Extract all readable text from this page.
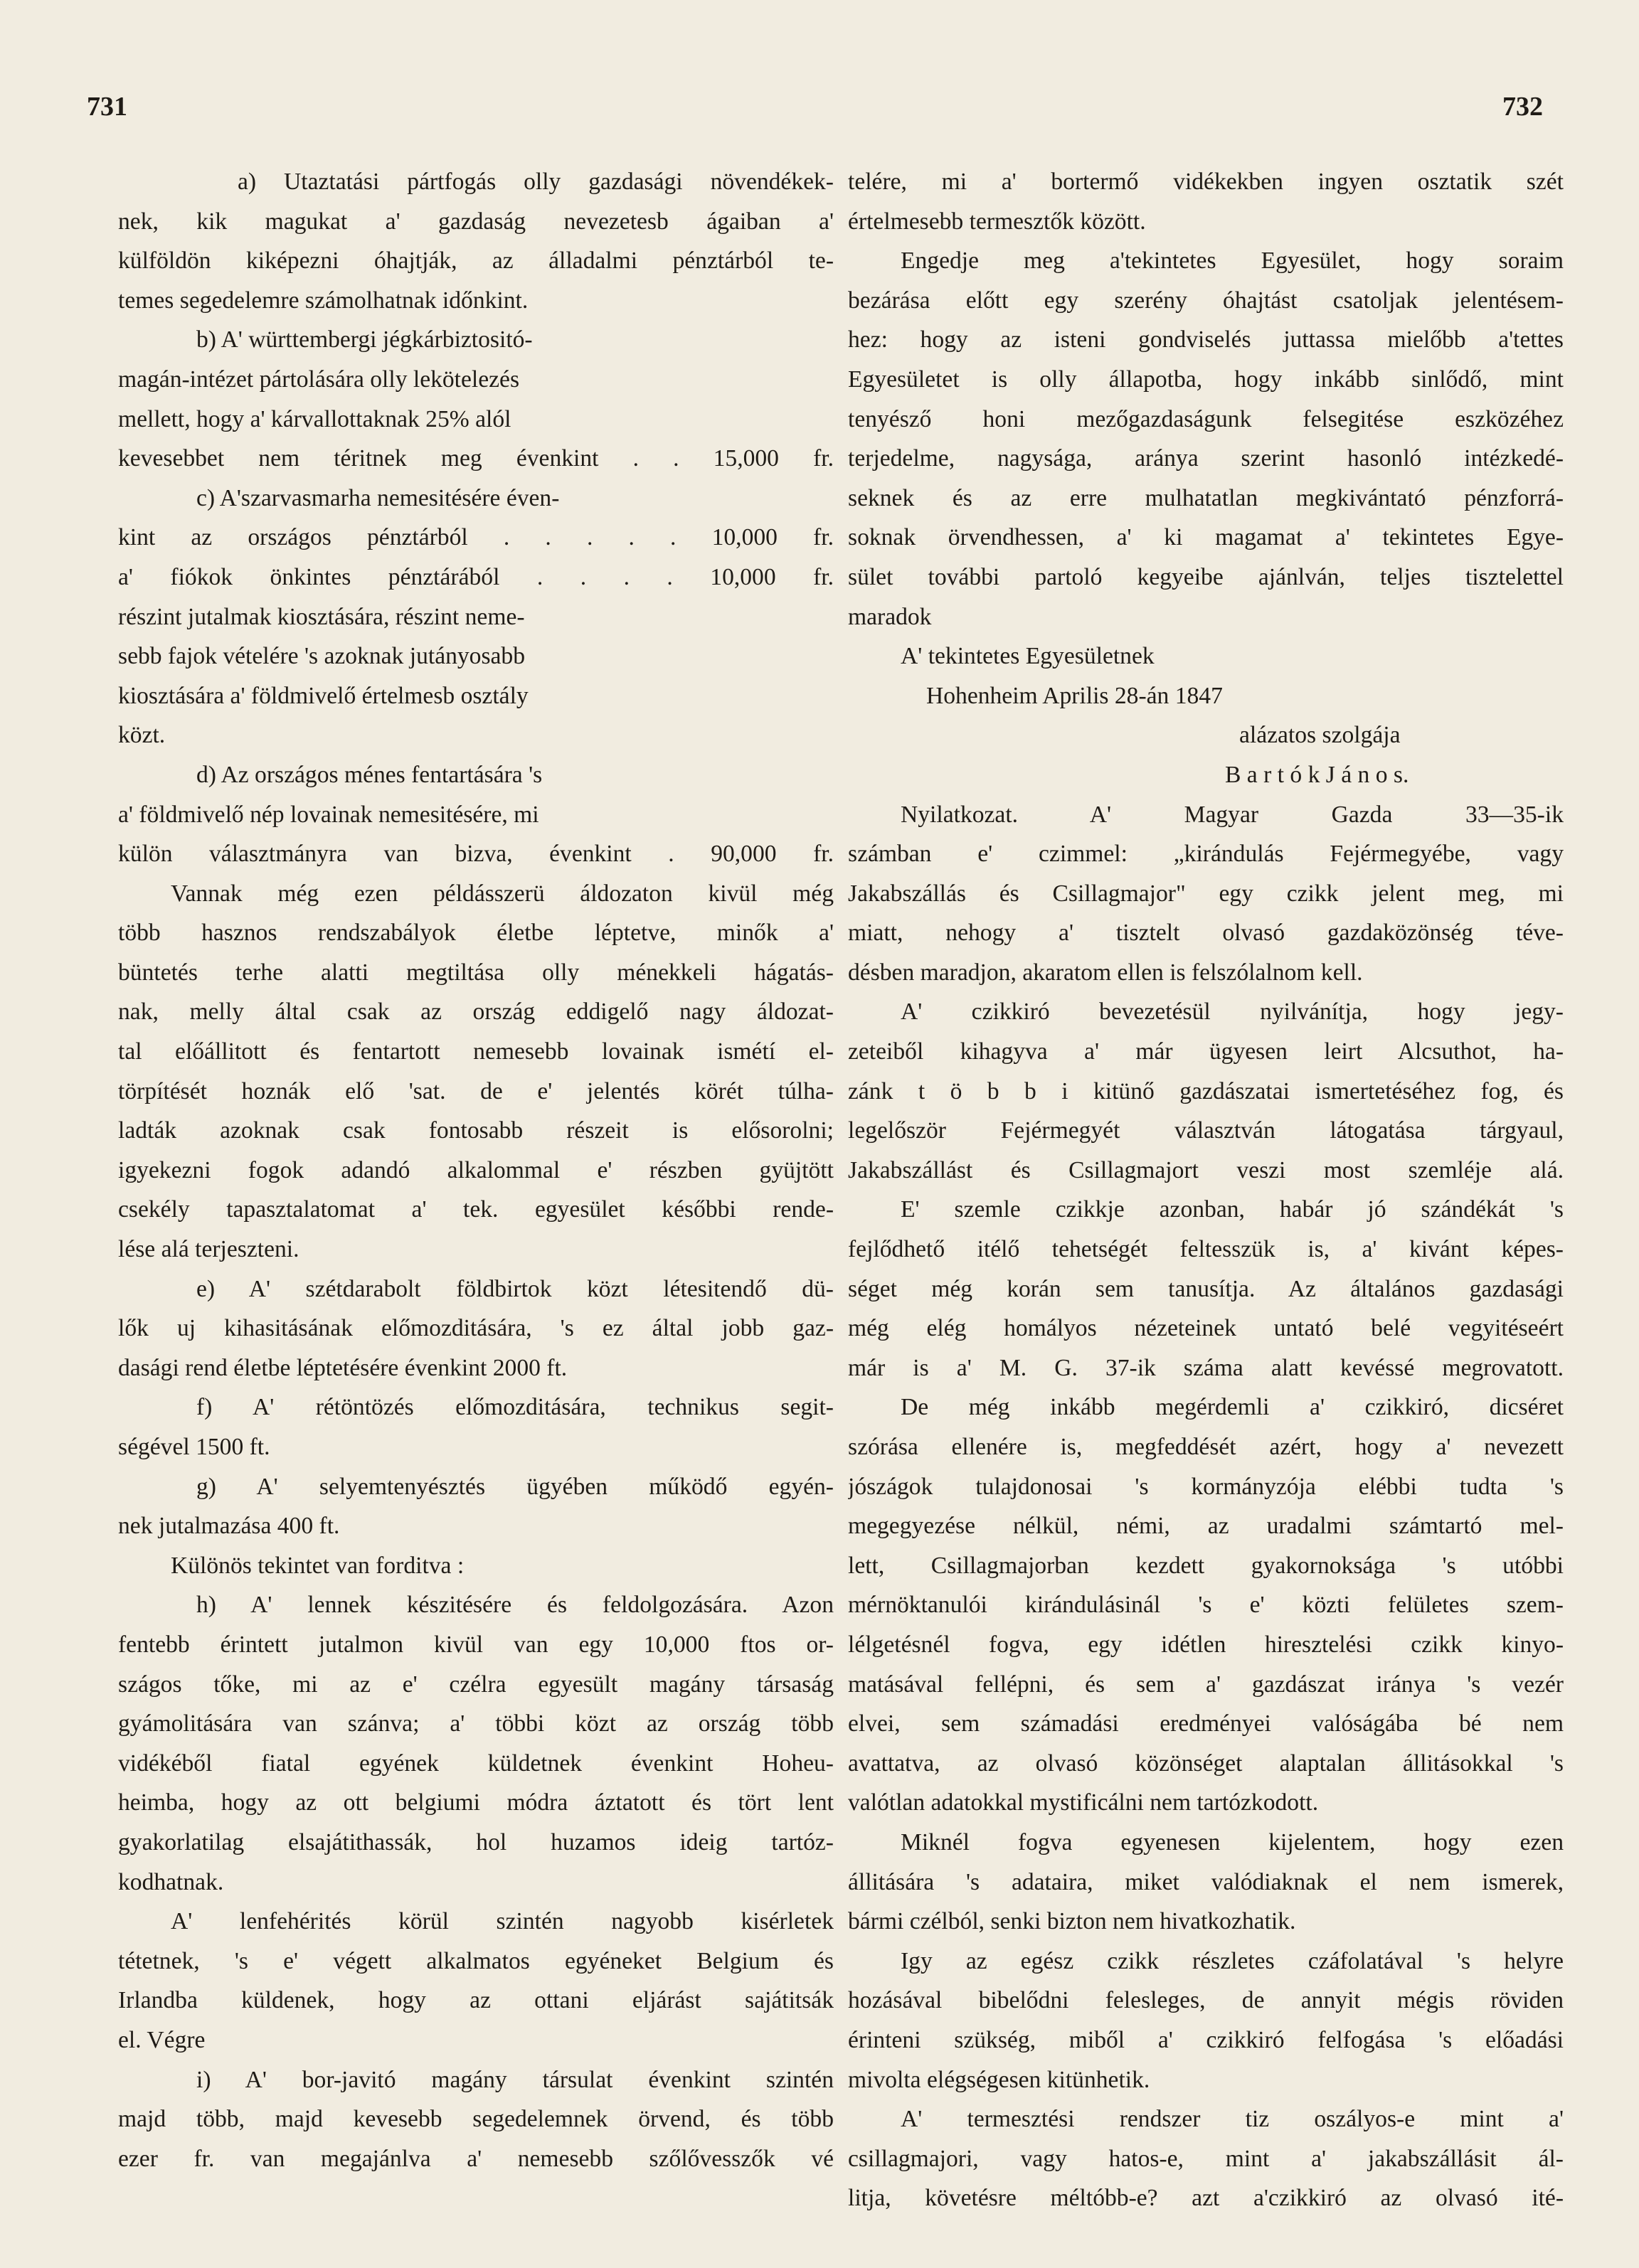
731	732
a) Utaztatási pártfogás olly gazdasági növendékek-
nek, kik magukat a' gazdaság nevezetesb ágaiban a'
külföldön kiképezni óhajtják, az álladalmi pénztárból te-
temes segedelemre számolhatnak időnkint.
b) A' württembergi jégkárbiztositó-
magán-intézet pártolására olly lekötelezés
mellett, hogy a' kárvallottaknak 25% alól
kevesebbet nem téritnek meg évenkint . . 15,000 fr.
c) A'szarvasmarha nemesitésére éven-
kint az országos pénztárból . . . . . 10,000 fr.
a' fiókok önkintes pénztárából . . . . 10,000 fr.
részint jutalmak kiosztására, részint neme-
sebb fajok vételére 's azoknak jutányosabb
kiosztására a' földmivelő értelmesb osztály
közt.
d) Az országos ménes fentartására 's
a' földmivelő nép lovainak nemesitésére, mi
külön választmányra van bizva, évenkint . 90,000 fr.
Vannak még ezen példásszerü áldozaton kivül még
több hasznos rendszabályok életbe léptetve, minők a'
büntetés terhe alatti megtiltása olly ménekkeli hágatás-
nak, melly által csak az ország eddigelő nagy áldozat-
tal előállitott és fentartott nemesebb lovainak ismétí el-
törpítését hoznák elő 'sat. de e' jelentés körét túlha-
ladták azoknak csak fontosabb részeit is elősorolni;
igyekezni fogok adandó alkalommal e' részben gyüjtött
csekély tapasztalatomat a' tek. egyesület későbbi rende-
lése alá terjeszteni.
e) A' szétdarabolt földbirtok közt létesitendő dü-
lők uj kihasitásának előmozditására, 's ez által jobb gaz-
dasági rend életbe léptetésére évenkint 2000 ft.
f) A' rétöntözés előmozditására, technikus segit-
ségével 1500 ft.
g) A' selyemtenyésztés ügyében működő egyén-
nek jutalmazása 400 ft.
Különös tekintet van forditva :
h) A' lennek készitésére és feldolgozására. Azon
fentebb érintett jutalmon kivül van egy 10,000 ftos or-
szágos tőke, mi az e' czélra egyesült magány társaság
gyámolitására van szánva; a' többi közt az ország több
vidékéből fiatal egyének küldetnek évenkint Hoheu-
heimba, hogy az ott belgiumi módra áztatott és tört lent
gyakorlatilag elsajátithassák, hol huzamos ideig tartóz-
kodhatnak.
A' lenfehérités körül szintén nagyobb kisérletek
tétetnek, 's e' végett alkalmatos egyéneket Belgium és
Irlandba küldenek, hogy az ottani eljárást sajátitsák
el. Végre
i) A' bor-javitó magány társulat évenkint szintén
majd több, majd kevesebb segedelemnek örvend, és több
ezer fr. van megajánlva a' nemesebb szőlővesszők vé
telére, mi a' bortermő vidékekben ingyen osztatik szét
értelmesebb termesztők között.
Engedje meg a'tekintetes Egyesület, hogy soraim
bezárása előtt egy szerény óhajtást csatoljak jelentésem-
hez: hogy az isteni gondviselés juttassa mielőbb a'tettes
Egyesületet is olly állapotba, hogy inkább sinlődő, mint
tenyésző honi mezőgazdaságunk felsegitése eszközéhez
terjedelme, nagysága, aránya szerint hasonló intézkedé-
seknek és az erre mulhatatlan megkivántató pénzforrá-
soknak örvendhessen, a' ki magamat a' tekintetes Egye-
sület további partoló kegyeibe ajánlván, teljes tisztelettel
maradok
A' tekintetes Egyesületnek
Hohenheim Aprilis 28-án 1847
alázatos szolgája
B a r t ó k J á n o s.
Nyilatkozat. A' Magyar Gazda 33—35-ik
számban e' czimmel: „kirándulás Fejérmegyébe, vagy
Jakabszállás és Csillagmajor" egy czikk jelent meg, mi
miatt, nehogy a' tisztelt olvasó gazdaközönség téve-
désben maradjon, akaratom ellen is felszólalnom kell.
A' czikkiró bevezetésül nyilvánítja, hogy jegy-
zeteiből kihagyva a' már ügyesen leirt Alcsuthot, ha-
zánk t ö b b i kitünő gazdászatai ismertetéséhez fog, és
legelőször Fejérmegyét választván látogatása tárgyaul,
Jakabszállást és Csillagmajort veszi most szemléje alá.
E' szemle czikkje azonban, habár jó szándékát 's
fejlődhető itélő tehetségét feltesszük is, a' kivánt képes-
séget még korán sem tanusítja. Az általános gazdasági
még elég homályos nézeteinek untató belé vegyitéseért
már is a' M. G. 37-ik száma alatt kevéssé megrovatott.
De még inkább megérdemli a' czikkiró, dicséret
szórása ellenére is, megfeddését azért, hogy a' nevezett
jószágok tulajdonosai 's kormányzója elébbi tudta 's
megegyezése nélkül, némi, az uradalmi számtartó mel-
lett, Csillagmajorban kezdett gyakornoksága 's utóbbi
mérnöktanulói kirándulásinál 's e' közti felületes szem-
lélgetésnél fogva, egy idétlen hiresztelési czikk kinyo-
matásával fellépni, és sem a' gazdászat iránya 's vezér
elvei, sem számadási eredményei valóságába bé nem
avattatva, az olvasó közönséget alaptalan állitásokkal 's
valótlan adatokkal mystificálni nem tartózkodott.
Miknél fogva egyenesen kijelentem, hogy ezen
állitására 's adataira, miket valódiaknak el nem ismerek,
bármi czélból, senki bizton nem hivatkozhatik.
Igy az egész czikk részletes czáfolatával 's helyre
hozásával bibelődni felesleges, de annyit mégis röviden
érinteni szükség, miből a' czikkiró felfogása 's előadási
mivolta elégségesen kitünhetik.
A' termesztési rendszer tiz oszályos-e mint a'
csillagmajori, vagy hatos-e, mint a' jakabszállásit ál-
litja, követésre méltóbb-e? azt a'czikkiró az olvasó ité-
